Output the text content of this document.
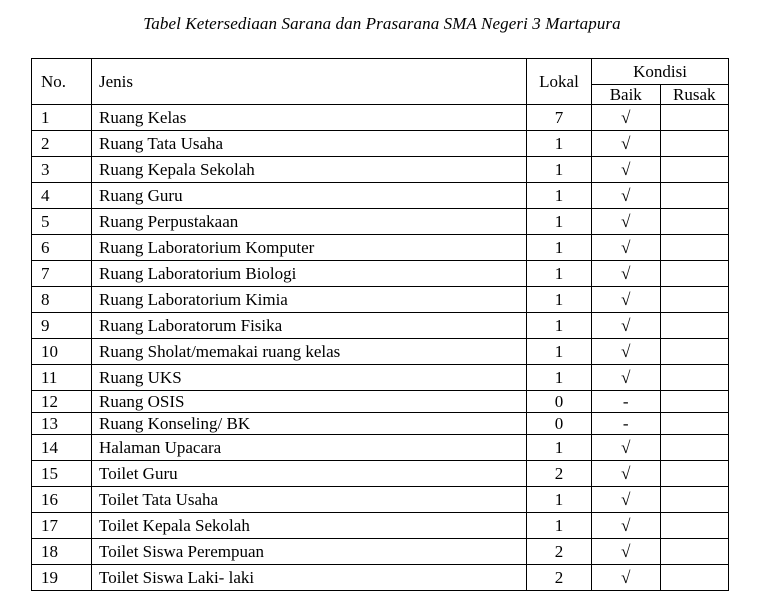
Tabel Ketersediaan Sarana dan Prasarana SMA Negeri 3 Martapura
No.	Jenis	Lokal	Kondisi	
			Baik	Rusak
1	Ruang Kelas	7	√	
2	Ruang Tata Usaha	1	√	
3	Ruang Kepala Sekolah	1	√	
4	Ruang Guru	1	√	
5	Ruang Perpustakaan	1	√	
6	Ruang Laboratorium Komputer	1	√	
7	Ruang Laboratorium Biologi	1	√	
8	Ruang Laboratorium Kimia	1	√	
9	Ruang Laboratorum Fisika	1	√	
10	Ruang Sholat/memakai ruang kelas	1	√	
11	Ruang UKS	1	√	
12	Ruang OSIS	0	-	
13	Ruang Konseling/ BK	0	-	
14	Halaman Upacara	1	√	
15	Toilet Guru	2	√	
16	Toilet Tata Usaha	1	√	
17	Toilet Kepala Sekolah	1	√	
18	Toilet Siswa Perempuan	2	√	
19	Toilet Siswa Laki- laki	2	√	
